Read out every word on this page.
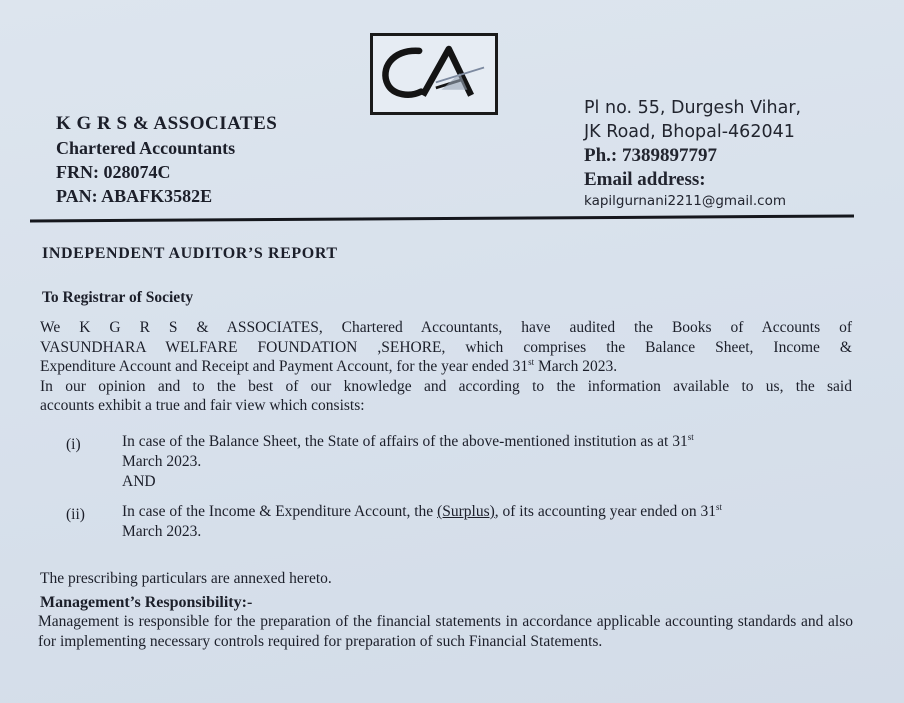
CA
K G R S & ASSOCIATES
Chartered Accountants
FRN: 028074C
PAN: ABAFK3582E
Pl no. 55, Durgesh Vihar,
JK Road, Bhopal-462041
Ph.: 7389897797
Email address:
kapilgurnani2211@gmail.com
INDEPENDENT AUDITOR’S REPORT
To Registrar of Society
We K G R S & ASSOCIATES, Chartered Accountants, have audited the Books of Accounts of
VASUNDHARA WELFARE FOUNDATION ,SEHORE, which comprises the Balance Sheet, Income &
Expenditure Account and Receipt and Payment Account, for the year ended 31st March 2023.
In our opinion and to the best of our knowledge and according to the information available to us, the said
accounts exhibit a true and fair view which consists:
(i)	In case of the Balance Sheet, the State of affairs of the above-mentioned institution as at 31st
March 2023.
AND
(ii) In case of the Income & Expenditure Account, the (Surplus), of its accounting year ended on 31st
March 2023.
The prescribing particulars are annexed hereto.
Management’s Responsibility:-
Management is responsible for the preparation of the financial statements in accordance applicable accounting standards and also for implementing necessary controls required for preparation of such Financial Statements.
